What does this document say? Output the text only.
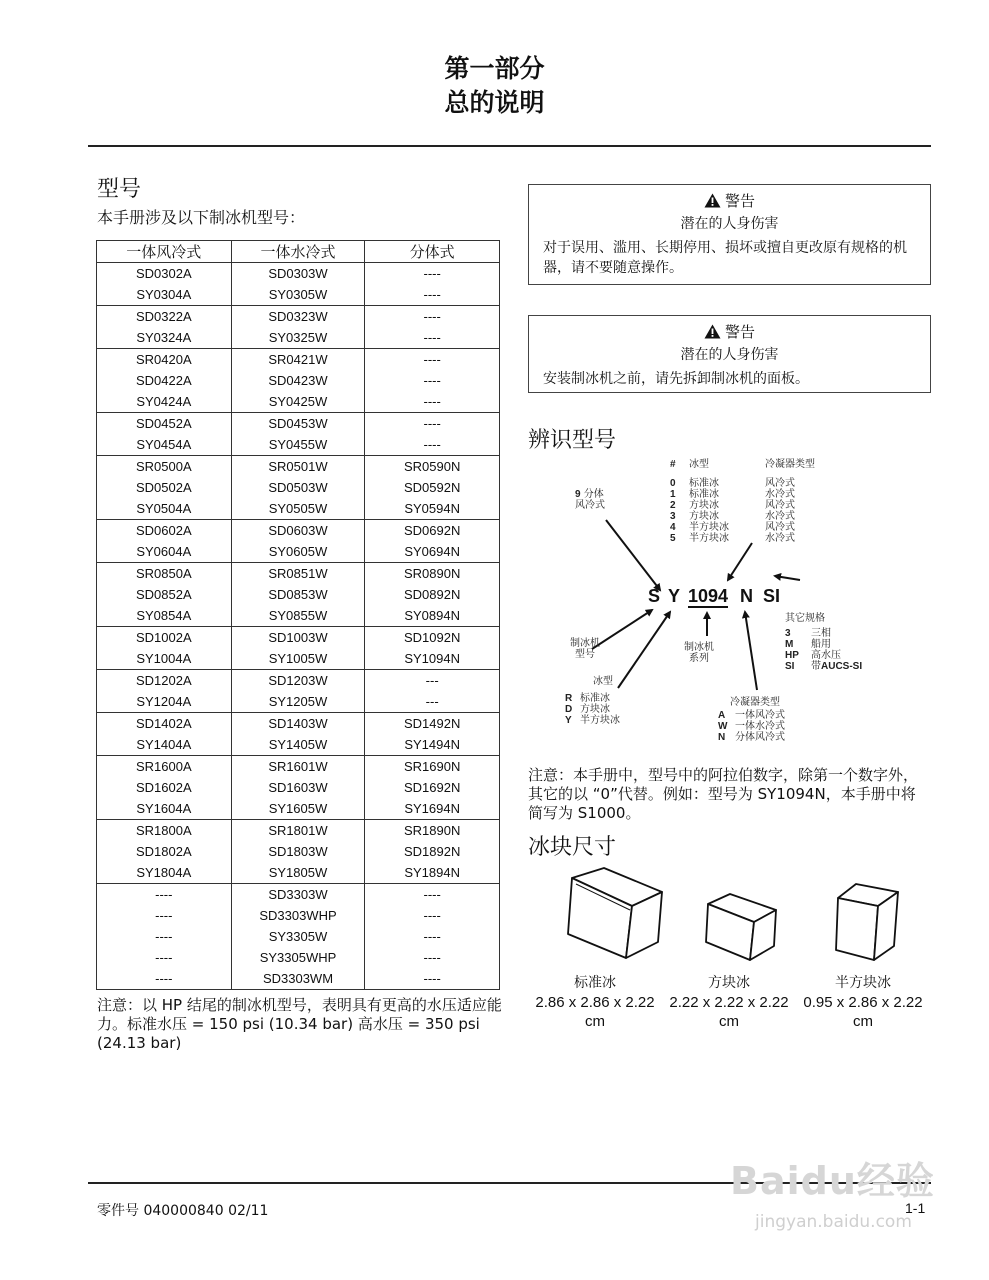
第一部分
总的说明
型号
本手册涉及以下制冰机型号：
一体风冷式	一体水冷式	分体式
SD0302A	SD0303W	----
SY0304A	SY0305W	----
SD0322A	SD0323W	----
SY0324A	SY0325W	----
SR0420A	SR0421W	----
SD0422A	SD0423W	----
SY0424A	SY0425W	----
SD0452A	SD0453W	----
SY0454A	SY0455W	----
SR0500A	SR0501W	SR0590N
SD0502A	SD0503W	SD0592N
SY0504A	SY0505W	SY0594N
SD0602A	SD0603W	SD0692N
SY0604A	SY0605W	SY0694N
SR0850A	SR0851W	SR0890N
SD0852A	SD0853W	SD0892N
SY0854A	SY0855W	SY0894N
SD1002A	SD1003W	SD1092N
SY1004A	SY1005W	SY1094N
SD1202A	SD1203W	---
SY1204A	SY1205W	---
SD1402A	SD1403W	SD1492N
SY1404A	SY1405W	SY1494N
SR1600A	SR1601W	SR1690N
SD1602A	SD1603W	SD1692N
SY1604A	SY1605W	SY1694N
SR1800A	SR1801W	SR1890N
SD1802A	SD1803W	SD1892N
SY1804A	SY1805W	SY1894N
----	SD3303W	----
----	SD3303WHP	----
----	SY3305W	----
----	SY3305WHP	----
----	SD3303WM	----
注意：以 HP 结尾的制冰机型号，表明具有更高的水压适应能力。标准水压 = 150 psi (10.34 bar) 高水压 = 350 psi (24.13 bar)
警告
潜在的人身伤害
对于误用、滥用、长期停用、损坏或擅自更改原有规格的机器，请不要随意操作。
警告
潜在的人身伤害
安装制冰机之前，请先拆卸制冰机的面板。
辨识型号
# 冰型	冷凝器类型
0 标准冰	风冷式
1 标准冰	水冷式
2 方块冰	风冷式
3 方块冰	水冷式
4 半方块冰	风冷式
5 半方块冰	水冷式
9 分体
风冷式
S Y 1094 N SI
其它规格
3 三相
M 船用
HP 高水压
SI 带AUCS-SI
制冰机
型号
制冰机
系列
冰型
R 标准冰
D 方块冰
Y 半方块冰
冷凝器类型
A 一体风冷式
W 一体水冷式
N 分体风冷式
注意：本手册中，型号中的阿拉伯数字，除第一个数字外，其它的以 “0”代替。例如：型号为 SY1094N，本手册中将简写为 S1000。
冰块尺寸
标准冰
2.86 x 2.86 x 2.22 cm
方块冰
2.22 x 2.22 x 2.22 cm
半方块冰
0.95 x 2.86 x 2.22 cm
零件号 040000840 02/11	1-1
Baidu经验
jingyan.baidu.com
